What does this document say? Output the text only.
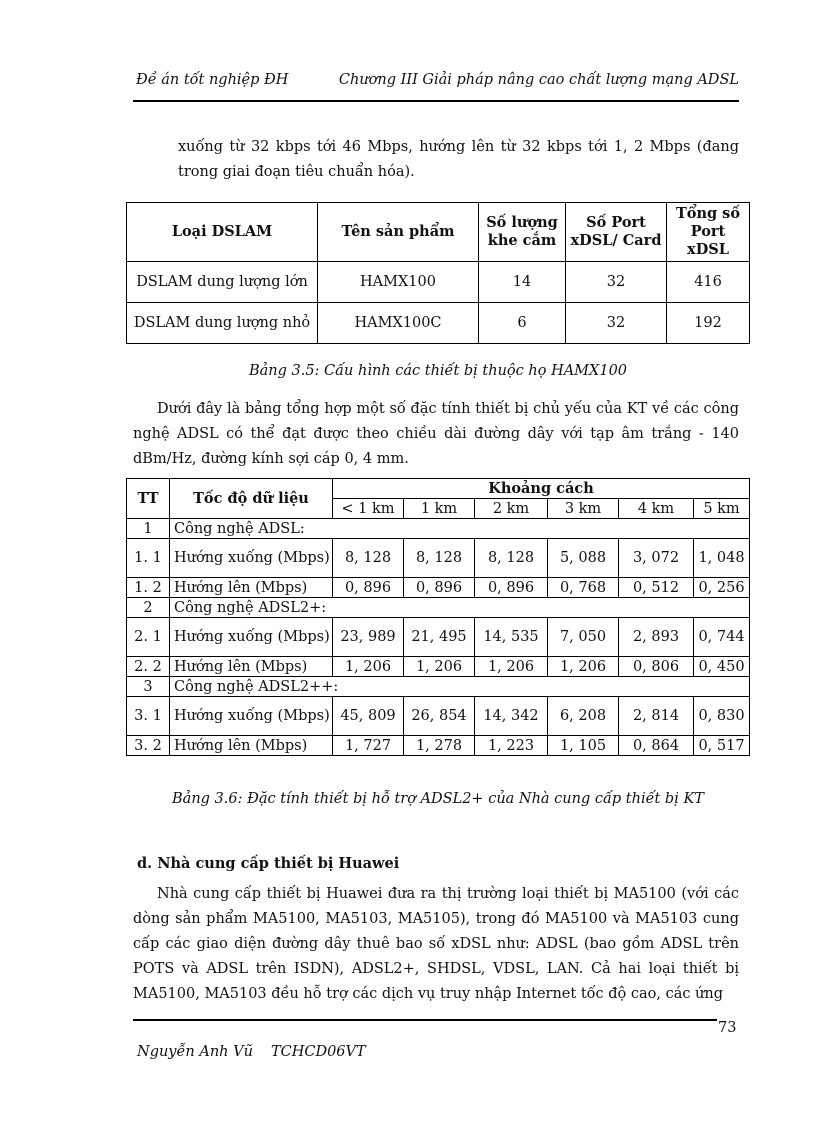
Đề án tốt nghiệp ĐH	Chương III Giải pháp nâng cao chất lượng mạng ADSL
xuống từ 32 kbps tới 46 Mbps, hướng lên từ 32 kbps tới 1, 2 Mbps (đang trong giai đoạn tiêu chuẩn hóa).
Loại DSLAM	Tên sản phẩm	Số lượng khe cắm	Số Port xDSL/ Card	Tổng số Port xDSL
DSLAM dung lượng lớn	HAMX100	14	32	416
DSLAM dung lượng nhỏ	HAMX100C	6	32	192
Bảng 3.5: Cấu hình các thiết bị thuộc họ HAMX100
Dưới đây là bảng tổng hợp một số đặc tính thiết bị chủ yếu của KT về các công nghệ ADSL có thể đạt được theo chiều dài đường dây với tạp âm trắng - 140 dBm/Hz, đường kính sợi cáp 0, 4 mm.
TT	Tốc độ dữ liệu	Khoảng cách					
		< 1 km	1 km	2 km	3 km	4 km	5 km
1	Công nghệ ADSL:						
1. 1	Hướng xuống (Mbps)	8, 128	8, 128	8, 128	5, 088	3, 072	1, 048
1. 2	Hướng lên (Mbps)	0, 896	0, 896	0, 896	0, 768	0, 512	0, 256
2	Công nghệ ADSL2+:						
2. 1	Hướng xuống (Mbps)	23, 989	21, 495	14, 535	7, 050	2, 893	0, 744
2. 2	Hướng lên (Mbps)	1, 206	1, 206	1, 206	1, 206	0, 806	0, 450
3	Công nghệ ADSL2++:						
3. 1	Hướng xuống (Mbps)	45, 809	26, 854	14, 342	6, 208	2, 814	0, 830
3. 2	Hướng lên (Mbps)	1, 727	1, 278	1, 223	1, 105	0, 864	0, 517
Bảng 3.6: Đặc tính thiết bị hỗ trợ ADSL2+ của Nhà cung cấp thiết bị KT
d. Nhà cung cấp thiết bị Huawei
Nhà cung cấp thiết bị Huawei đưa ra thị trường loại thiết bị MA5100 (với các dòng sản phẩm MA5100, MA5103, MA5105), trong đó MA5100 và MA5103 cung cấp các giao diện đường dây thuê bao số xDSL như: ADSL (bao gồm ADSL trên POTS và ADSL trên ISDN), ADSL2+, SHDSL, VDSL, LAN. Cả hai loại thiết bị MA5100, MA5103 đều hỗ trợ các dịch vụ truy nhập Internet tốc độ cao, các ứng
73
Nguyễn Anh Vũ TCHCD06VT
